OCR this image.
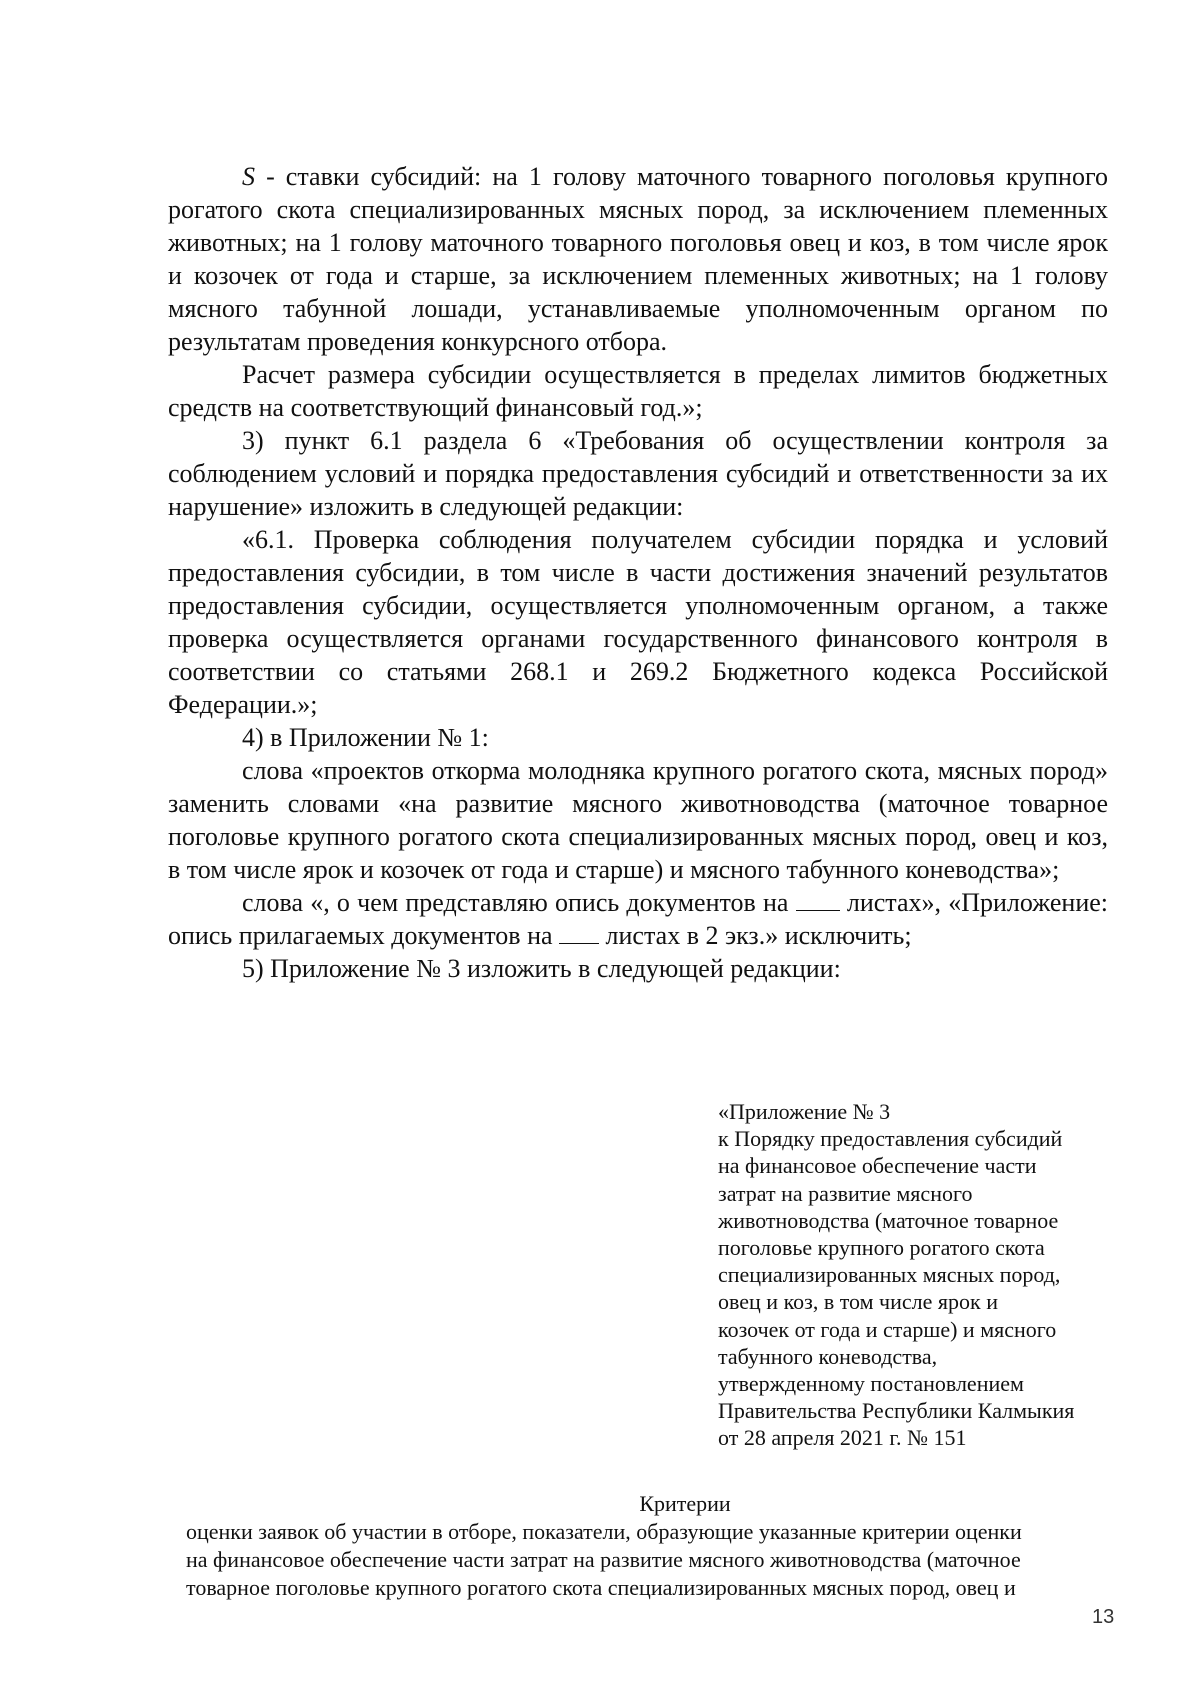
S - ставки субсидий: на 1 голову маточного товарного поголовья крупного рогатого скота специализированных мясных пород, за исключением племенных животных; на 1 голову маточного товарного поголовья овец и коз, в том числе ярок и козочек от года и старше, за исключением племенных животных; на 1 голову мясного табунной лошади, устанавливаемые уполномоченным органом по результатам проведения конкурсного отбора.

Расчет размера субсидии осуществляется в пределах лимитов бюджетных средств на соответствующий финансовый год.»;

3) пункт 6.1 раздела 6 «Требования об осуществлении контроля за соблюдением условий и порядка предоставления субсидий и ответственности за их нарушение» изложить в следующей редакции:

«6.1. Проверка соблюдения получателем субсидии порядка и условий предоставления субсидии, в том числе в части достижения значений результатов предоставления субсидии, осуществляется уполномоченным органом, а также проверка осуществляется органами государственного финансового контроля в соответствии со статьями 268.1 и 269.2 Бюджетного кодекса Российской Федерации.»;

4) в Приложении № 1:

слова «проектов откорма молодняка крупного рогатого скота, мясных пород» заменить словами «на развитие мясного животноводства (маточное товарное поголовье крупного рогатого скота специализированных мясных пород, овец и коз, в том числе ярок и козочек от года и старше) и мясного табунного коневодства»;

слова «, о чем представляю опись документов на  листах», «Приложение: опись прилагаемых документов на  листах в 2 экз.» исключить;

5) Приложение № 3 изложить в следующей редакции:

«Приложение № 3
к Порядку предоставления субсидий
на финансовое обеспечение части
затрат на развитие мясного
животноводства (маточное товарное
поголовье крупного рогатого скота
специализированных мясных пород,
овец и коз, в том числе ярок и
козочек от года и старше) и мясного
табунного коневодства,
утвержденному постановлением
Правительства Республики Калмыкия
от 28 апреля 2021 г. № 151
Критерии
оценки заявок об участии в отборе, показатели, образующие указанные критерии оценки
на финансовое обеспечение части затрат на развитие мясного животноводства (маточное
товарное поголовье крупного рогатого скота специализированных мясных пород, овец и
13
